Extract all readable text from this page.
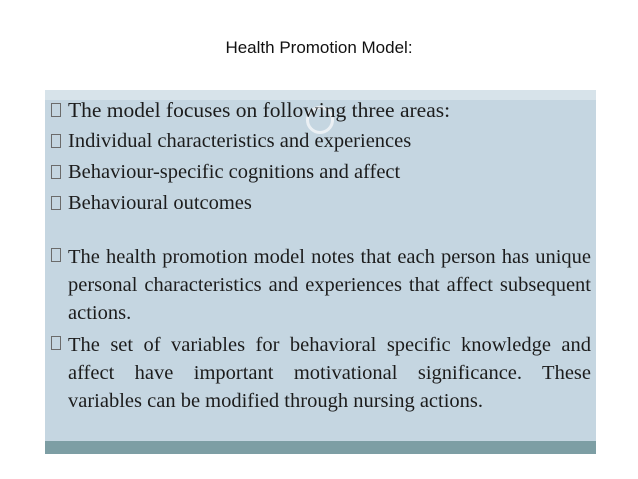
Health Promotion Model:
The model focuses on following three areas:
Individual characteristics and experiences
Behaviour-specific cognitions and affect
Behavioural outcomes
The health promotion model notes that each person has unique personal characteristics and experiences that affect subsequent actions.
The set of variables for behavioral specific knowledge and affect have important motivational significance. These variables can be modified through nursing actions.
